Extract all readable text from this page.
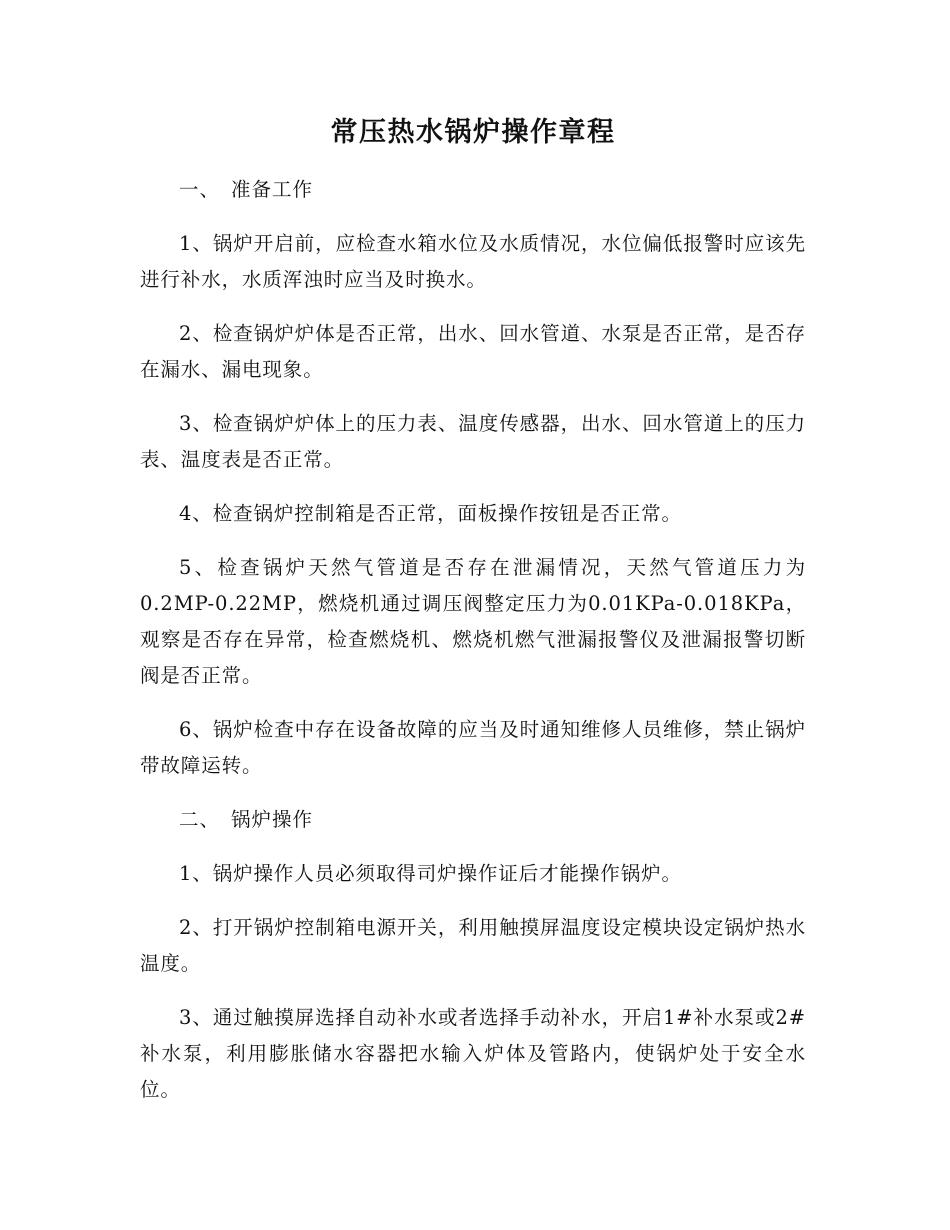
常压热水锅炉操作章程
一、 准备工作

1、锅炉开启前，应检查水箱水位及水质情况，水位偏低报警时应该先进行补水，水质浑浊时应当及时换水。

2、检查锅炉炉体是否正常，出水、回水管道、水泵是否正常，是否存在漏水、漏电现象。

3、检查锅炉炉体上的压力表、温度传感器，出水、回水管道上的压力表、温度表是否正常。

4、检查锅炉控制箱是否正常，面板操作按钮是否正常。

5、检查锅炉天然气管道是否存在泄漏情况，天然气管道压力为0.2MP-0.22MP，燃烧机通过调压阀整定压力为0.01KPa-0.018KPa，观察是否存在异常，检查燃烧机、燃烧机燃气泄漏报警仪及泄漏报警切断阀是否正常。

6、锅炉检查中存在设备故障的应当及时通知维修人员维修，禁止锅炉带故障运转。

二、 锅炉操作

1、锅炉操作人员必须取得司炉操作证后才能操作锅炉。

2、打开锅炉控制箱电源开关，利用触摸屏温度设定模块设定锅炉热水温度。

3、通过触摸屏选择自动补水或者选择手动补水，开启1#补水泵或2#补水泵，利用膨胀储水容器把水输入炉体及管路内，使锅炉处于安全水位。
